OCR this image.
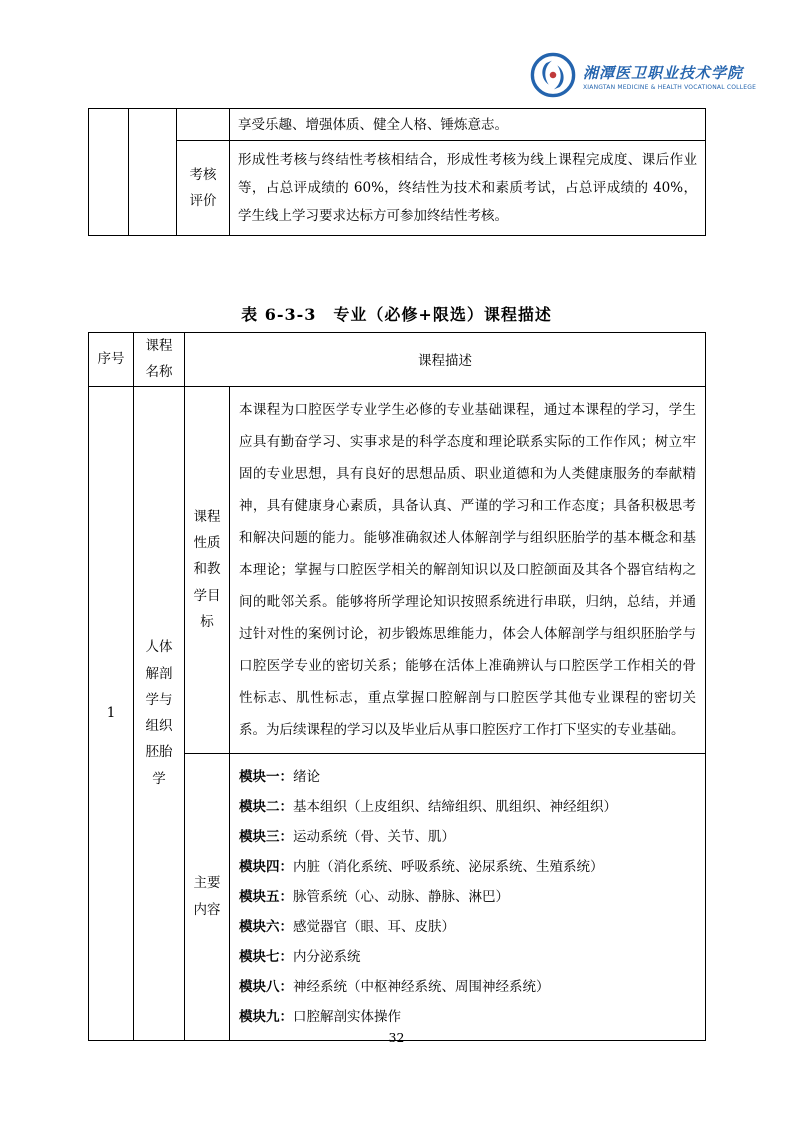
湘潭医卫职业技术学院
XIANGTAN MEDICINE & HEALTH VOCATIONAL COLLEGE
			享受乐趣、增强体质、健全人格、锤炼意志。

		考核评价	形成性考核与终结性考核相结合，形成性考核为线上课程完成度、课后作业等，占总评成绩的 60%，终结性为技术和素质考试，占总评成绩的 40%，学生线上学习要求达标方可参加终结性考核。
表 6-3-3　专业（必修+限选）课程描述
序号	课程名称	课程描述	
1	人体解剖学与组织胚胎学	课程性质和教学目标	本课程为口腔医学专业学生必修的专业基础课程，通过本课程的学习，学生应具有勤奋学习、实事求是的科学态度和理论联系实际的工作作风；树立牢固的专业思想，具有良好的思想品质、职业道德和为人类健康服务的奉献精神，具有健康身心素质，具备认真、严谨的学习和工作态度；具备积极思考和解决问题的能力。能够准确叙述人体解剖学与组织胚胎学的基本概念和基本理论；掌握与口腔医学相关的解剖知识以及口腔颌面及其各个器官结构之间的毗邻关系。能够将所学理论知识按照系统进行串联，归纳，总结，并通过针对性的案例讨论，初步锻炼思维能力，体会人体解剖学与组织胚胎学与口腔医学专业的密切关系；能够在活体上准确辨认与口腔医学工作相关的骨性标志、肌性标志，重点掌握口腔解剖与口腔医学其他专业课程的密切关系。为后续课程的学习以及毕业后从事口腔医疗工作打下坚实的专业基础。

主要内容

模块一：绪论
模块二：基本组织（上皮组织、结缔组织、肌组织、神经组织）
模块三：运动系统（骨、关节、肌）
模块四：内脏（消化系统、呼吸系统、泌尿系统、生殖系统）
模块五：脉管系统（心、动脉、静脉、淋巴）
模块六：感觉器官（眼、耳、皮肤）
模块七：内分泌系统
模块八：神经系统（中枢神经系统、周围神经系统）
模块九：口腔解剖实体操作
32
